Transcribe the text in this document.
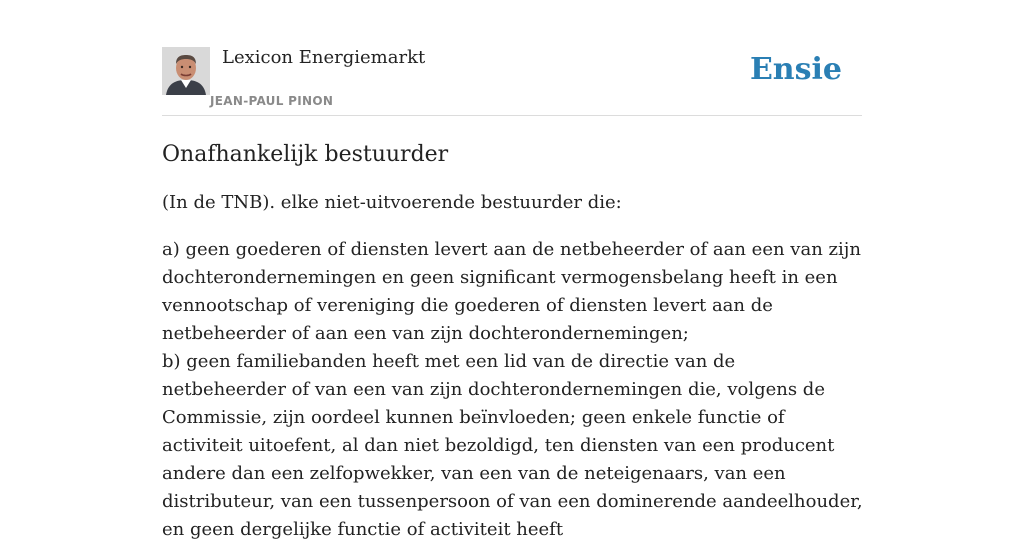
Lexicon Energiemarkt
JEAN-PAUL PINON
Ensie
Onafhankelijk bestuurder

(In de TNB). elke niet-uitvoerende bestuurder die:

a) geen goederen of diensten levert aan de netbeheerder of aan een van zijn dochterondernemingen en geen significant vermogensbelang heeft in een vennootschap of vereniging die goederen of diensten levert aan de netbeheerder of aan een van zijn dochterondernemingen;
b) geen familiebanden heeft met een lid van de directie van de netbeheerder of van een van zijn dochterondernemingen die, volgens de Commissie, zijn oordeel kunnen beïnvloeden; geen enkele functie of activiteit uitoefent, al dan niet bezoldigd, ten diensten van een producent andere dan een zelfopwekker, van een van de neteigenaars, van een distributeur, van een tussenpersoon of van een dominerende aandeelhouder, en geen dergelijke functie of activiteit heeft
